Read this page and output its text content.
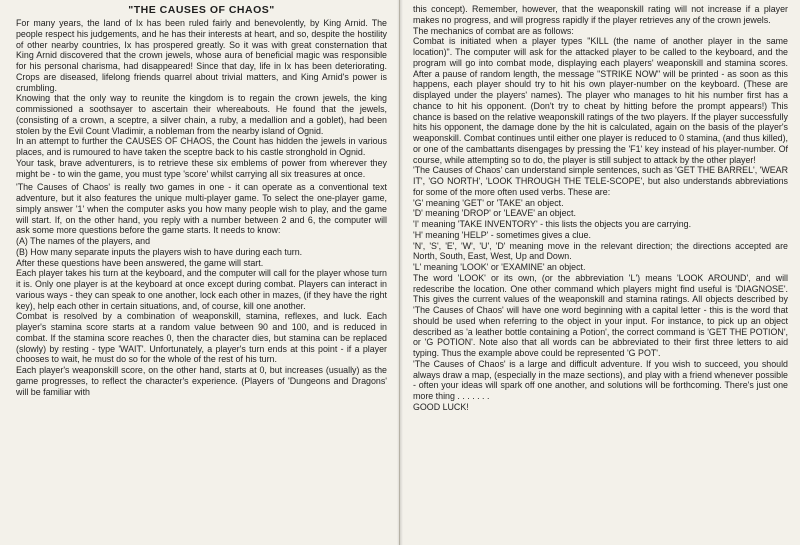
"THE CAUSES OF CHAOS"

For many years, the land of Ix has been ruled fairly and benevolently, by King Arnid. The people respect his judgements, and he has their interests at heart, and so, despite the hostility of other nearby countries, Ix has prospered greatly. So it was with great consternation that King Arnid discovered that the crown jewels, whose aura of beneficial magic was responsible for his personal charisma, had disappeared! Since that day, life in Ix has been deteriorating. Crops are diseased, lifelong friends quarrel about trivial matters, and King Arnid's power is crumbling.

Knowing that the only way to reunite the kingdom is to regain the crown jewels, the king commissioned a soothsayer to ascertain their whereabouts. He found that the jewels, (consisting of a crown, a sceptre, a silver chain, a ruby, a medallion and a goblet), had been stolen by the Evil Count Vladimir, a nobleman from the nearby island of Ognid.

In an attempt to further the CAUSES OF CHAOS, the Count has hidden the jewels in various places, and is rumoured to have taken the sceptre back to his castle stronghold in Ognid.

Your task, brave adventurers, is to retrieve these six emblems of power from wherever they might be - to win the game, you must type 'score' whilst carrying all six treasures at once.

'The Causes of Chaos' is really two games in one - it can operate as a conventional text adventure, but it also features the unique multi-player game. To select the one-player game, simply answer '1' when the computer asks you how many people wish to play, and the game will start. If, on the other hand, you reply with a number between 2 and 6, the computer will ask some more questions before the game starts. It needs to know:

(A) The names of the players, and

(B) How many separate inputs the players wish to have during each turn.

After these questions have been answered, the game will start.

Each player takes his turn at the keyboard, and the computer will call for the player whose turn it is. Only one player is at the keyboard at once except during combat. Players can interact in various ways - they can speak to one another, lock each other in mazes, (if they have the right key), help each other in certain situations, and, of course, kill one another.

Combat is resolved by a combination of weaponskill, stamina, reflexes, and luck. Each player's stamina score starts at a random value between 90 and 100, and is reduced in combat. If the stamina score reaches 0, then the character dies, but stamina can be replaced (slowly) by resting - type 'WAIT'. Unfortunately, a player's turn ends at this point - if a player chooses to wait, he must do so for the whole of the rest of his turn.

Each player's weaponskill score, on the other hand, starts at 0, but increases (usually) as the game progresses, to reflect the character's experience. (Players of 'Dungeons and Dragons' will be familiar with

this concept). Remember, however, that the weaponskill rating will not increase if a player makes no progress, and will progress rapidly if the player retrieves any of the crown jewels.

The mechanics of combat are as follows:

Combat is initiated when a player types "KILL (the name of another player in the same location)". The computer will ask for the attacked player to be called to the keyboard, and the program will go into combat mode, displaying each players' weaponskill and stamina scores. After a pause of random length, the message "STRIKE NOW" will be printed - as soon as this happens, each player should try to hit his own player-number on the keyboard. (These are displayed under the players' names). The player who manages to hit his number first has a chance to hit his opponent. (Don't try to cheat by hitting before the prompt appears!) This chance is based on the relative weaponskill ratings of the two players. If the player successfully hits his opponent, the damage done by the hit is calculated, again on the basis of the player's weaponskill. Combat continues until either one player is reduced to 0 stamina, (and thus killed), or one of the cambattants disengages by pressing the 'F1' key instead of his player-number. Of course, while attempting so to do, the player is still subject to attack by the other player!

'The Causes of Chaos' can understand simple sentences, such as 'GET THE BARREL', 'WEAR IT', 'GO NORTH', 'LOOK THROUGH THE TELE-SCOPE', but also understands abbreviations for some of the more often used verbs. These are:

'G' meaning 'GET' or 'TAKE' an object.

'D' meaning 'DROP' or 'LEAVE' an object.

'I' meaning 'TAKE INVENTORY' - this lists the objects you are carrying.

'H' meaning 'HELP' - sometimes gives a clue.

'N', 'S', 'E', 'W', 'U', 'D' meaning move in the relevant direction; the directions accepted are North, South, East, West, Up and Down.

'L' meaning 'LOOK' or 'EXAMINE' an object.

The word 'LOOK' or its own, (or the abbreviation 'L') means 'LOOK AROUND', and will redescribe the location. One other command which players might find useful is 'DIAGNOSE'. This gives the current values of the weaponskill and stamina ratings. All objects described by 'The Causes of Chaos' will have one word beginning with a capital letter - this is the word that should be used when referring to the object in your input. For instance, to pick up an object described as 'a leather bottle containing a Potion', the correct command is 'GET THE POTION', or 'G POTION'. Note also that all words can be abbreviated to their first three letters to aid typing. Thus the example above could be represented 'G POT'.

'The Causes of Chaos' is a large and difficult adventure. If you wish to succeed, you should always draw a map, (especially in the maze sections), and play with a friend whenever possible - often your ideas will spark off one another, and solutions will be forthcoming. There's just one more thing . . . . . . .

GOOD LUCK!
